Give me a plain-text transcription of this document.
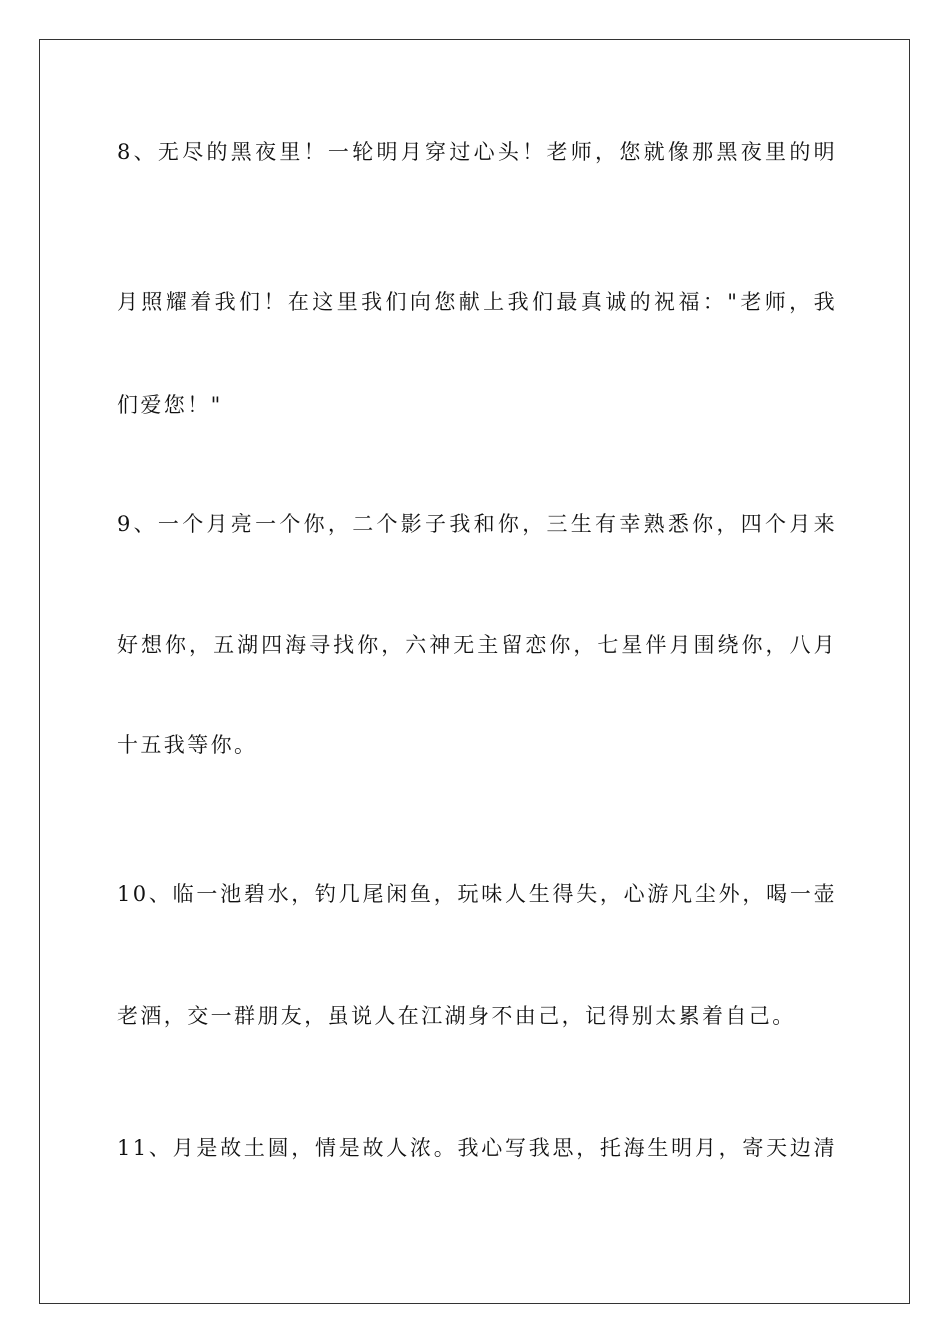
8、无尽的黑夜里！一轮明月穿过心头！老师，您就像那黑夜里的明
月照耀着我们！在这里我们向您献上我们最真诚的祝福："老师，我
们爱您！"
9、一个月亮一个你，二个影子我和你，三生有幸熟悉你，四个月来
好想你，五湖四海寻找你，六神无主留恋你，七星伴月围绕你，八月
十五我等你。
10、临一池碧水，钓几尾闲鱼，玩味人生得失，心游凡尘外，喝一壶
老酒，交一群朋友，虽说人在江湖身不由己，记得别太累着自己。
11、月是故土圆，情是故人浓。我心写我思，托海生明月，寄天边清
